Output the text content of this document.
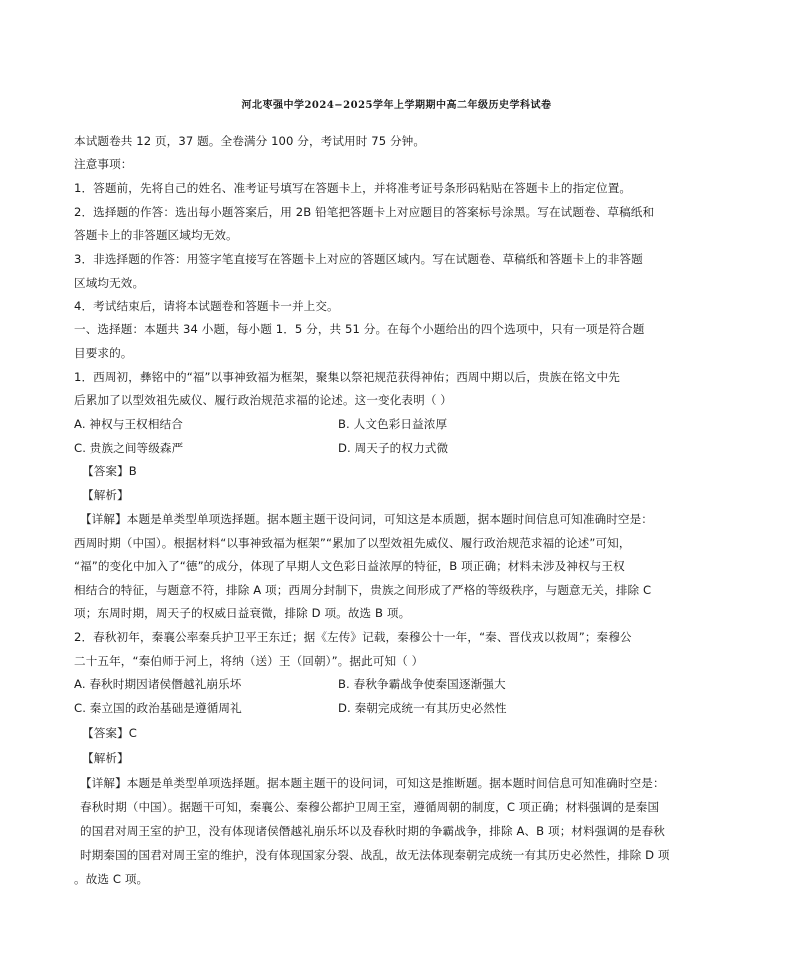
河北枣强中学2024−2025学年上学期期中高二年级历史学科试卷
本试题卷共 12 页，37 题。全卷满分 100 分，考试用时 75 分钟。
注意事项：
1．答题前，先将自己的姓名、准考证号填写在答题卡上，并将准考证号条形码粘贴在答题卡上的指定位置。
2．选择题的作答：选出每小题答案后，用 2B 铅笔把答题卡上对应题目的答案标号涂黑。写在试题卷、草稿纸和
答题卡上的非答题区域均无效。
3．非选择题的作答：用签字笔直接写在答题卡上对应的答题区域内。写在试题卷、草稿纸和答题卡上的非答题
区域均无效。
4．考试结束后，请将本试题卷和答题卡一并上交。
一、选择题：本题共 34 小题，每小题 1．5 分，共 51 分。在每个小题给出的四个选项中，只有一项是符合题
目要求的。
1．西周初，彝铭中的“福”以事神致福为框架，聚集以祭祀规范获得神佑；西周中期以后，贵族在铭文中先
后累加了以型效祖先威仪、履行政治规范求福的论述。这一变化表明（ ）
A. 神权与王权相结合	B. 人文色彩日益浓厚
C. 贵族之间等级森严	D. 周天子的权力式微
【答案】B
【解析】
【详解】本题是单类型单项选择题。据本题主题干设问词，可知这是本质题，据本题时间信息可知准确时空是：
西周时期（中国）。根据材料“以事神致福为框架”“累加了以型效祖先威仪、履行政治规范求福的论述”可知，
“福”的变化中加入了“德”的成分，体现了早期人文色彩日益浓厚的特征，B 项正确；材料未涉及神权与王权
相结合的特征，与题意不符，排除 A 项；西周分封制下，贵族之间形成了严格的等级秩序，与题意无关，排除 C
项；东周时期，周天子的权威日益衰微，排除 D 项。故选 B 项。
2．春秋初年，秦襄公率秦兵护卫平王东迁；据《左传》记载，秦穆公十一年，“秦、晋伐戎以救周”；秦穆公
二十五年，“秦伯师于河上，将纳（送）王（回朝）”。据此可知（ ）
A. 春秋时期因诸侯僭越礼崩乐坏	B. 春秋争霸战争使秦国逐渐强大
C. 秦立国的政治基础是遵循周礼	D. 秦朝完成统一有其历史必然性
【答案】C
【解析】
【详解】本题是单类型单项选择题。据本题主题干的设问词，可知这是推断题。据本题时间信息可知准确时空是：
春秋时期（中国）。据题干可知，秦襄公、秦穆公都护卫周王室，遵循周朝的制度，C 项正确；材料强调的是秦国
的国君对周王室的护卫，没有体现诸侯僭越礼崩乐坏以及春秋时期的争霸战争，排除 A、B 项；材料强调的是春秋
时期秦国的国君对周王室的维护，没有体现国家分裂、战乱，故无法体现秦朝完成统一有其历史必然性，排除 D 项
。故选 C 项。
